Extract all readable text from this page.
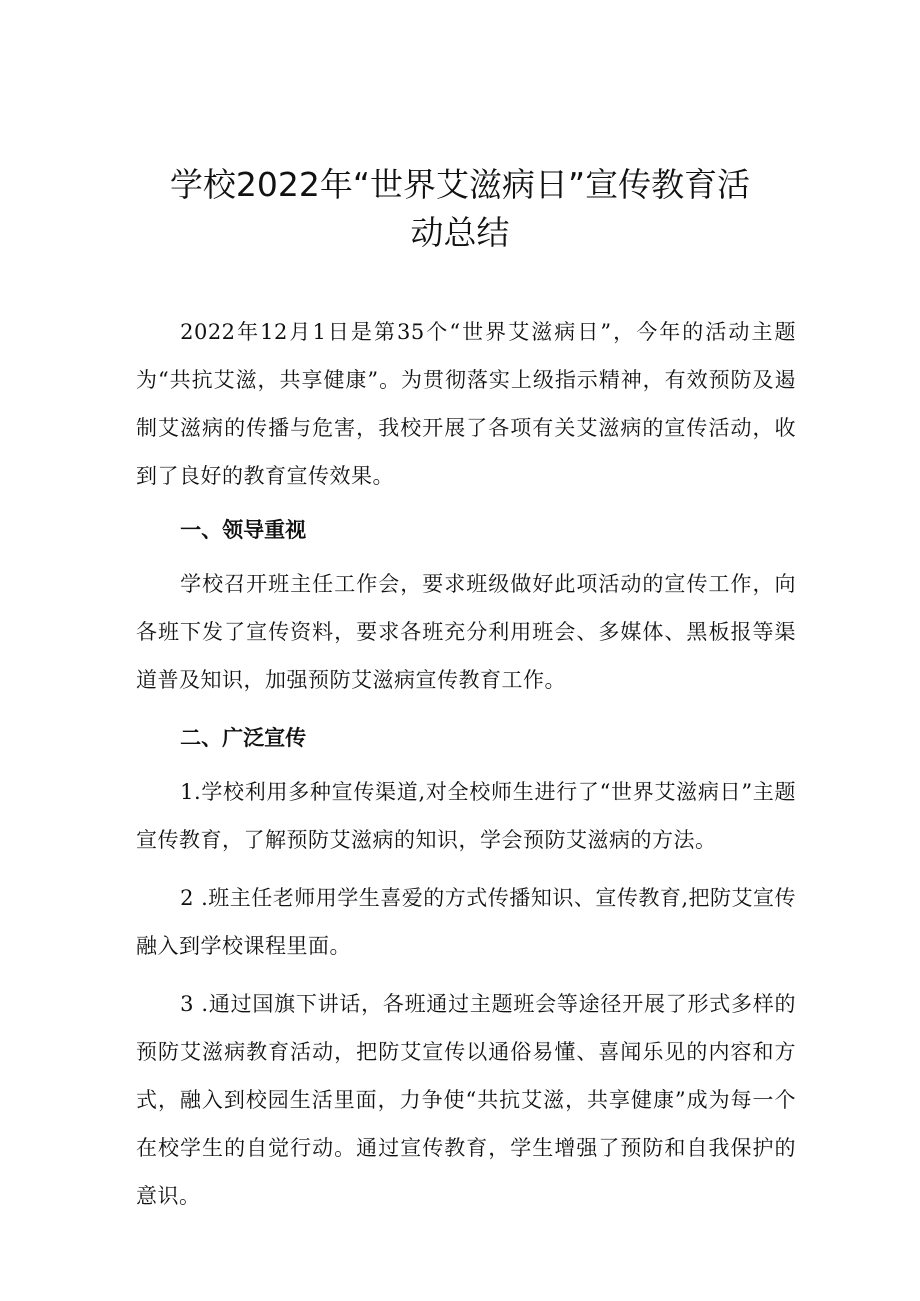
学校2022年“世界艾滋病日”宣传教育活
动总结

2022年12月1日是第35个“世界艾滋病日”，今年的活动主题为“共抗艾滋，共享健康”。为贯彻落实上级指示精神，有效预防及遏制艾滋病的传播与危害，我校开展了各项有关艾滋病的宣传活动，收到了良好的教育宣传效果。

一、领导重视

学校召开班主任工作会，要求班级做好此项活动的宣传工作，向各班下发了宣传资料，要求各班充分利用班会、多媒体、黑板报等渠道普及知识，加强预防艾滋病宣传教育工作。

二、广泛宣传

1.学校利用多种宣传渠道,对全校师生进行了“世界艾滋病日”主题宣传教育，了解预防艾滋病的知识，学会预防艾滋病的方法。

2 .班主任老师用学生喜爱的方式传播知识、宣传教育,把防艾宣传融入到学校课程里面。

3 .通过国旗下讲话，各班通过主题班会等途径开展了形式多样的预防艾滋病教育活动，把防艾宣传以通俗易懂、喜闻乐见的内容和方式，融入到校园生活里面，力争使“共抗艾滋，共享健康”成为每一个在校学生的自觉行动。通过宣传教育，学生增强了预防和自我保护的意识。
